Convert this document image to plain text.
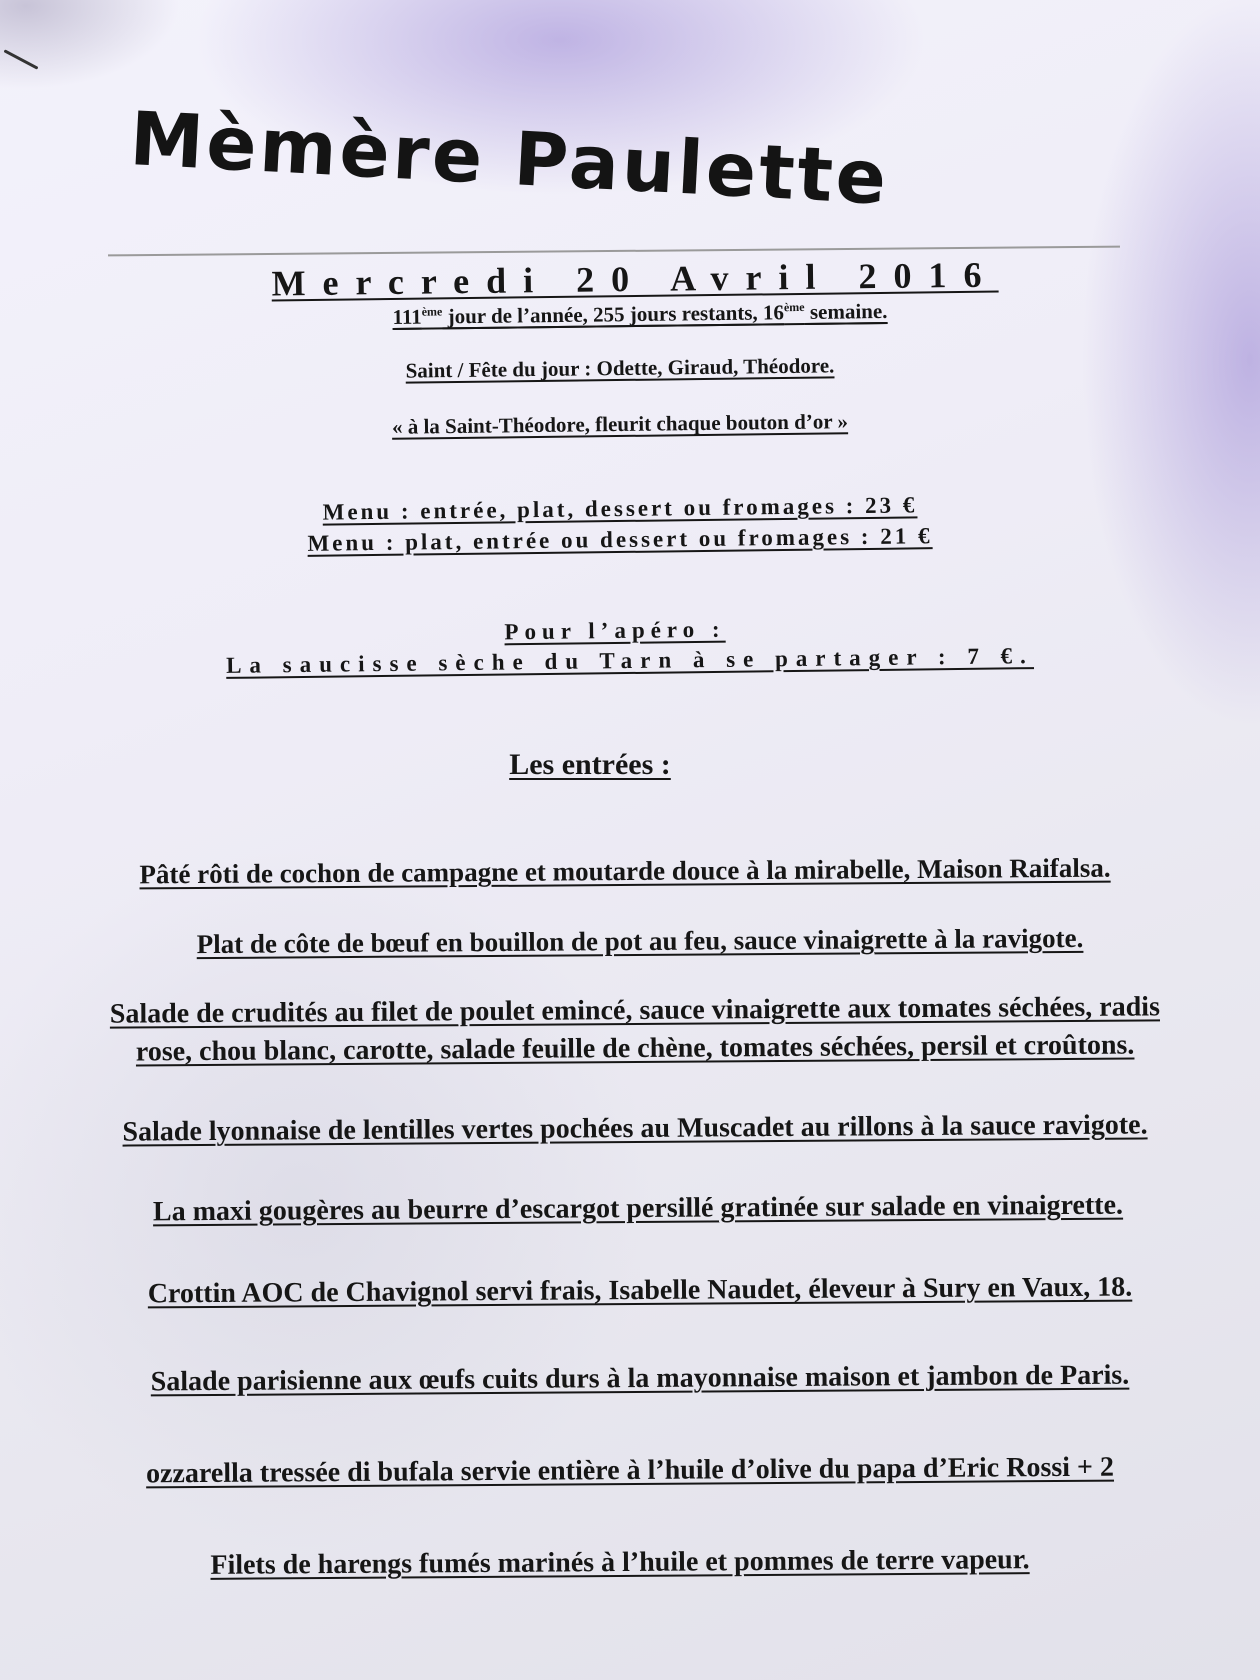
Mèmère Paulette
Mercredi 20 Avril 2016
111ème jour de l’année, 255 jours restants, 16ème semaine.
Saint / Fête du jour : Odette, Giraud, Théodore.
« à la Saint-Théodore, fleurit chaque bouton d’or »
Menu : entrée, plat, dessert ou fromages : 23 €
Menu : plat, entrée ou dessert ou fromages : 21 €
Pour l’apéro :
La saucisse sèche du Tarn à se partager : 7 €.
Les entrées :
Pâté rôti de cochon de campagne et moutarde douce à la mirabelle, Maison Raifalsa.
Plat de côte de bœuf en bouillon de pot au feu, sauce vinaigrette à la ravigote.
Salade de crudités au filet de poulet emincé, sauce vinaigrette aux tomates séchées, radis
rose, chou blanc, carotte, salade feuille de chène, tomates séchées, persil et croûtons.
Salade lyonnaise de lentilles vertes pochées au Muscadet au rillons à la sauce ravigote.
La maxi gougères au beurre d’escargot persillé gratinée sur salade en vinaigrette.
Crottin AOC de Chavignol servi frais, Isabelle Naudet, éleveur à Sury en Vaux, 18.
Salade parisienne aux œufs cuits durs à la mayonnaise maison et jambon de Paris.
ozzarella tressée di bufala servie entière à l’huile d’olive du papa d’Eric Rossi + 2
Filets de harengs fumés marinés à l’huile et pommes de terre vapeur.
